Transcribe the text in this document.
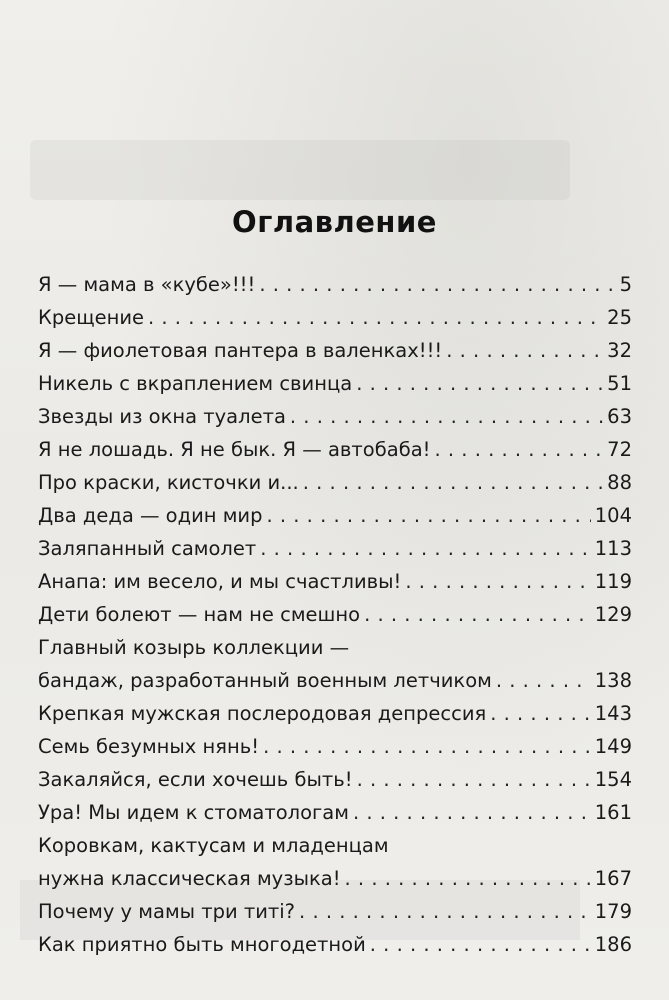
Оглавление
Я — мама в «кубе»!!! . . .	5
Крещение . . .	25
Я — фиолетовая пантера в валенках!!! . . .	32
Никель с вкраплением свинца . . .	51
Звезды из окна туалета . . .	63
Я не лошадь. Я не бык. Я — автобаба! . . .	72
Про краски, кисточки и... . . .	88
Два деда — один мир . . .	104
Заляпанный самолет . . .	113
Анапа: им весело, и мы счастливы! . . .	119
Дети болеют — нам не смешно . . .	129
Главный козырь коллекции —
бандаж, разработанный военным летчиком . . .	138
Крепкая мужская послеродовая депрессия . . .	143
Семь безумных нянь! . . .	149
Закаляйся, если хочешь быть! . . .	154
Ура! Мы идем к стоматологам . . .	161
Коровкам, кактусам и младенцам
нужна классическая музыка! . . .	167
Почему у мамы три титi? . . .	179
Как приятно быть многодетной . . .	186
